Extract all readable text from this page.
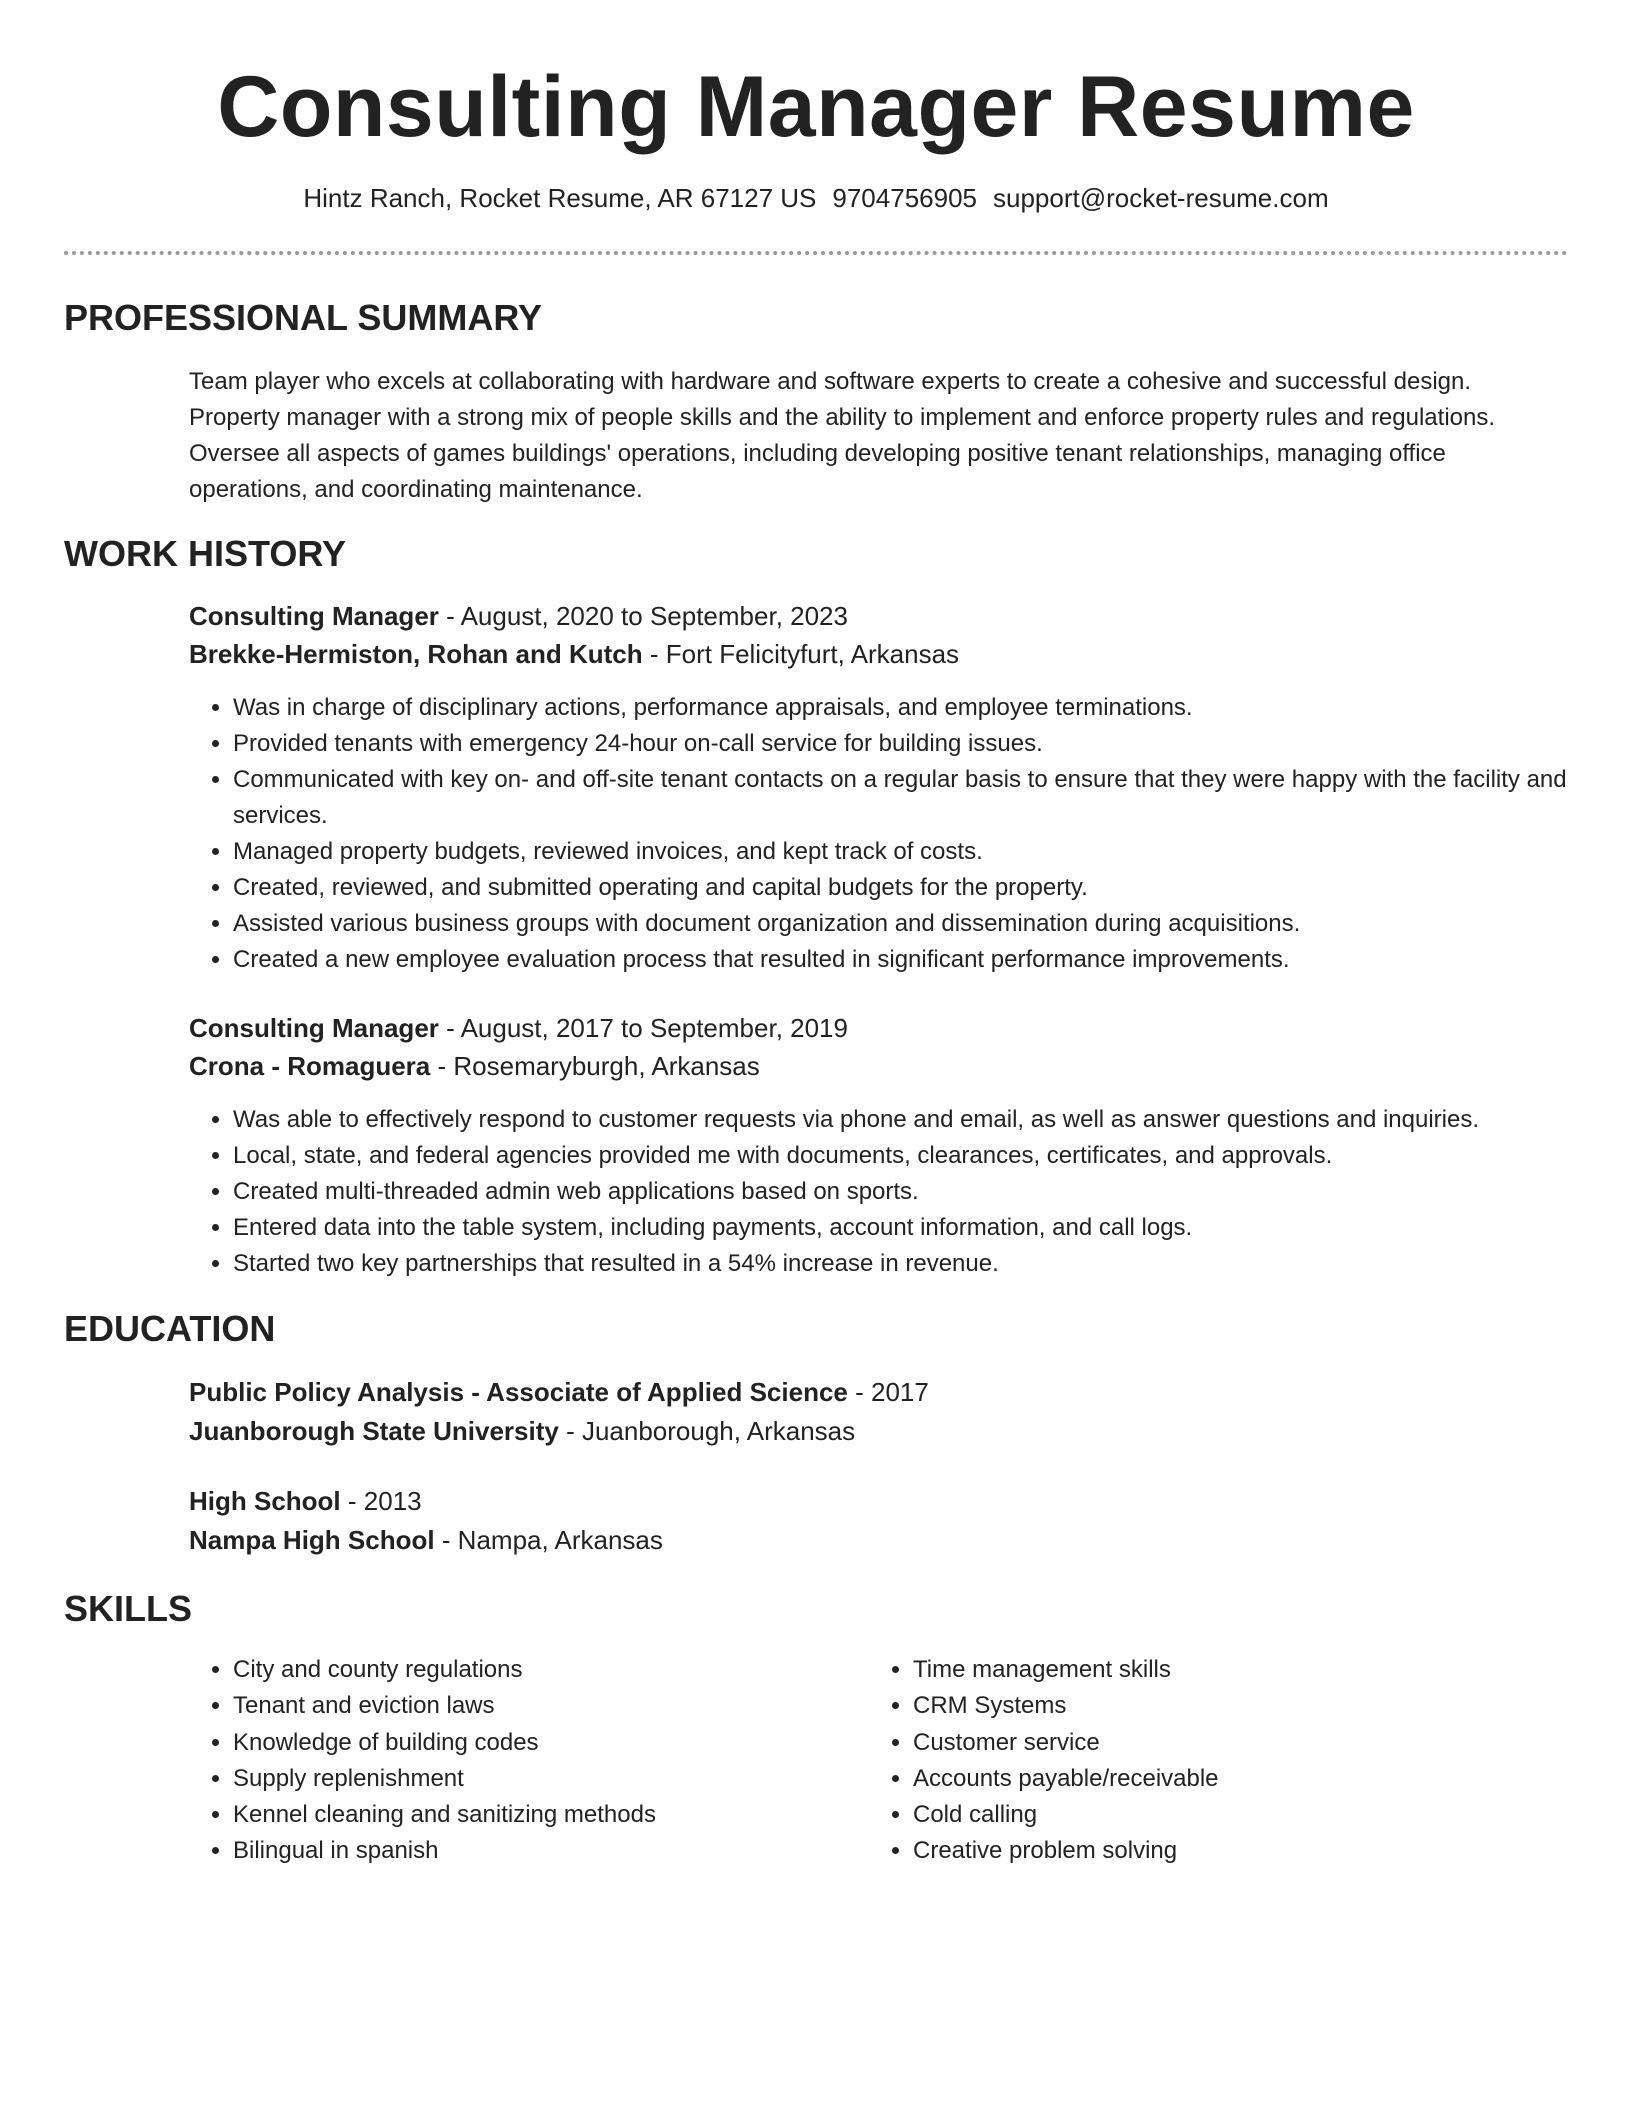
Consulting Manager Resume
Hintz Ranch, Rocket Resume, AR 67127 US 9704756905 support@rocket-resume.com
PROFESSIONAL SUMMARY

Team player who excels at collaborating with hardware and software experts to create a cohesive and successful design. Property manager with a strong mix of people skills and the ability to implement and enforce property rules and regulations. Oversee all aspects of games buildings' operations, including developing positive tenant relationships, managing office operations, and coordinating maintenance.

WORK HISTORY
Consulting Manager - August, 2020 to September, 2023
Brekke-Hermiston, Rohan and Kutch - Fort Felicityfurt, Arkansas
• Was in charge of disciplinary actions, performance appraisals, and employee terminations.
• Provided tenants with emergency 24-hour on-call service for building issues.
• Communicated with key on- and off-site tenant contacts on a regular basis to ensure that they were happy with the facility and services.
• Managed property budgets, reviewed invoices, and kept track of costs.
• Created, reviewed, and submitted operating and capital budgets for the property.
• Assisted various business groups with document organization and dissemination during acquisitions.
• Created a new employee evaluation process that resulted in significant performance improvements.
Consulting Manager - August, 2017 to September, 2019
Crona - Romaguera - Rosemaryburgh, Arkansas
• Was able to effectively respond to customer requests via phone and email, as well as answer questions and inquiries.
• Local, state, and federal agencies provided me with documents, clearances, certificates, and approvals.
• Created multi-threaded admin web applications based on sports.
• Entered data into the table system, including payments, account information, and call logs.
• Started two key partnerships that resulted in a 54% increase in revenue.
EDUCATION
Public Policy Analysis - Associate of Applied Science - 2017
Juanborough State University - Juanborough, Arkansas
High School - 2013
Nampa High School - Nampa, Arkansas
SKILLS
• City and county regulations
• Tenant and eviction laws
• Knowledge of building codes
• Supply replenishment
• Kennel cleaning and sanitizing methods
• Bilingual in spanish
• Time management skills
• CRM Systems
• Customer service
• Accounts payable/receivable
• Cold calling
• Creative problem solving
